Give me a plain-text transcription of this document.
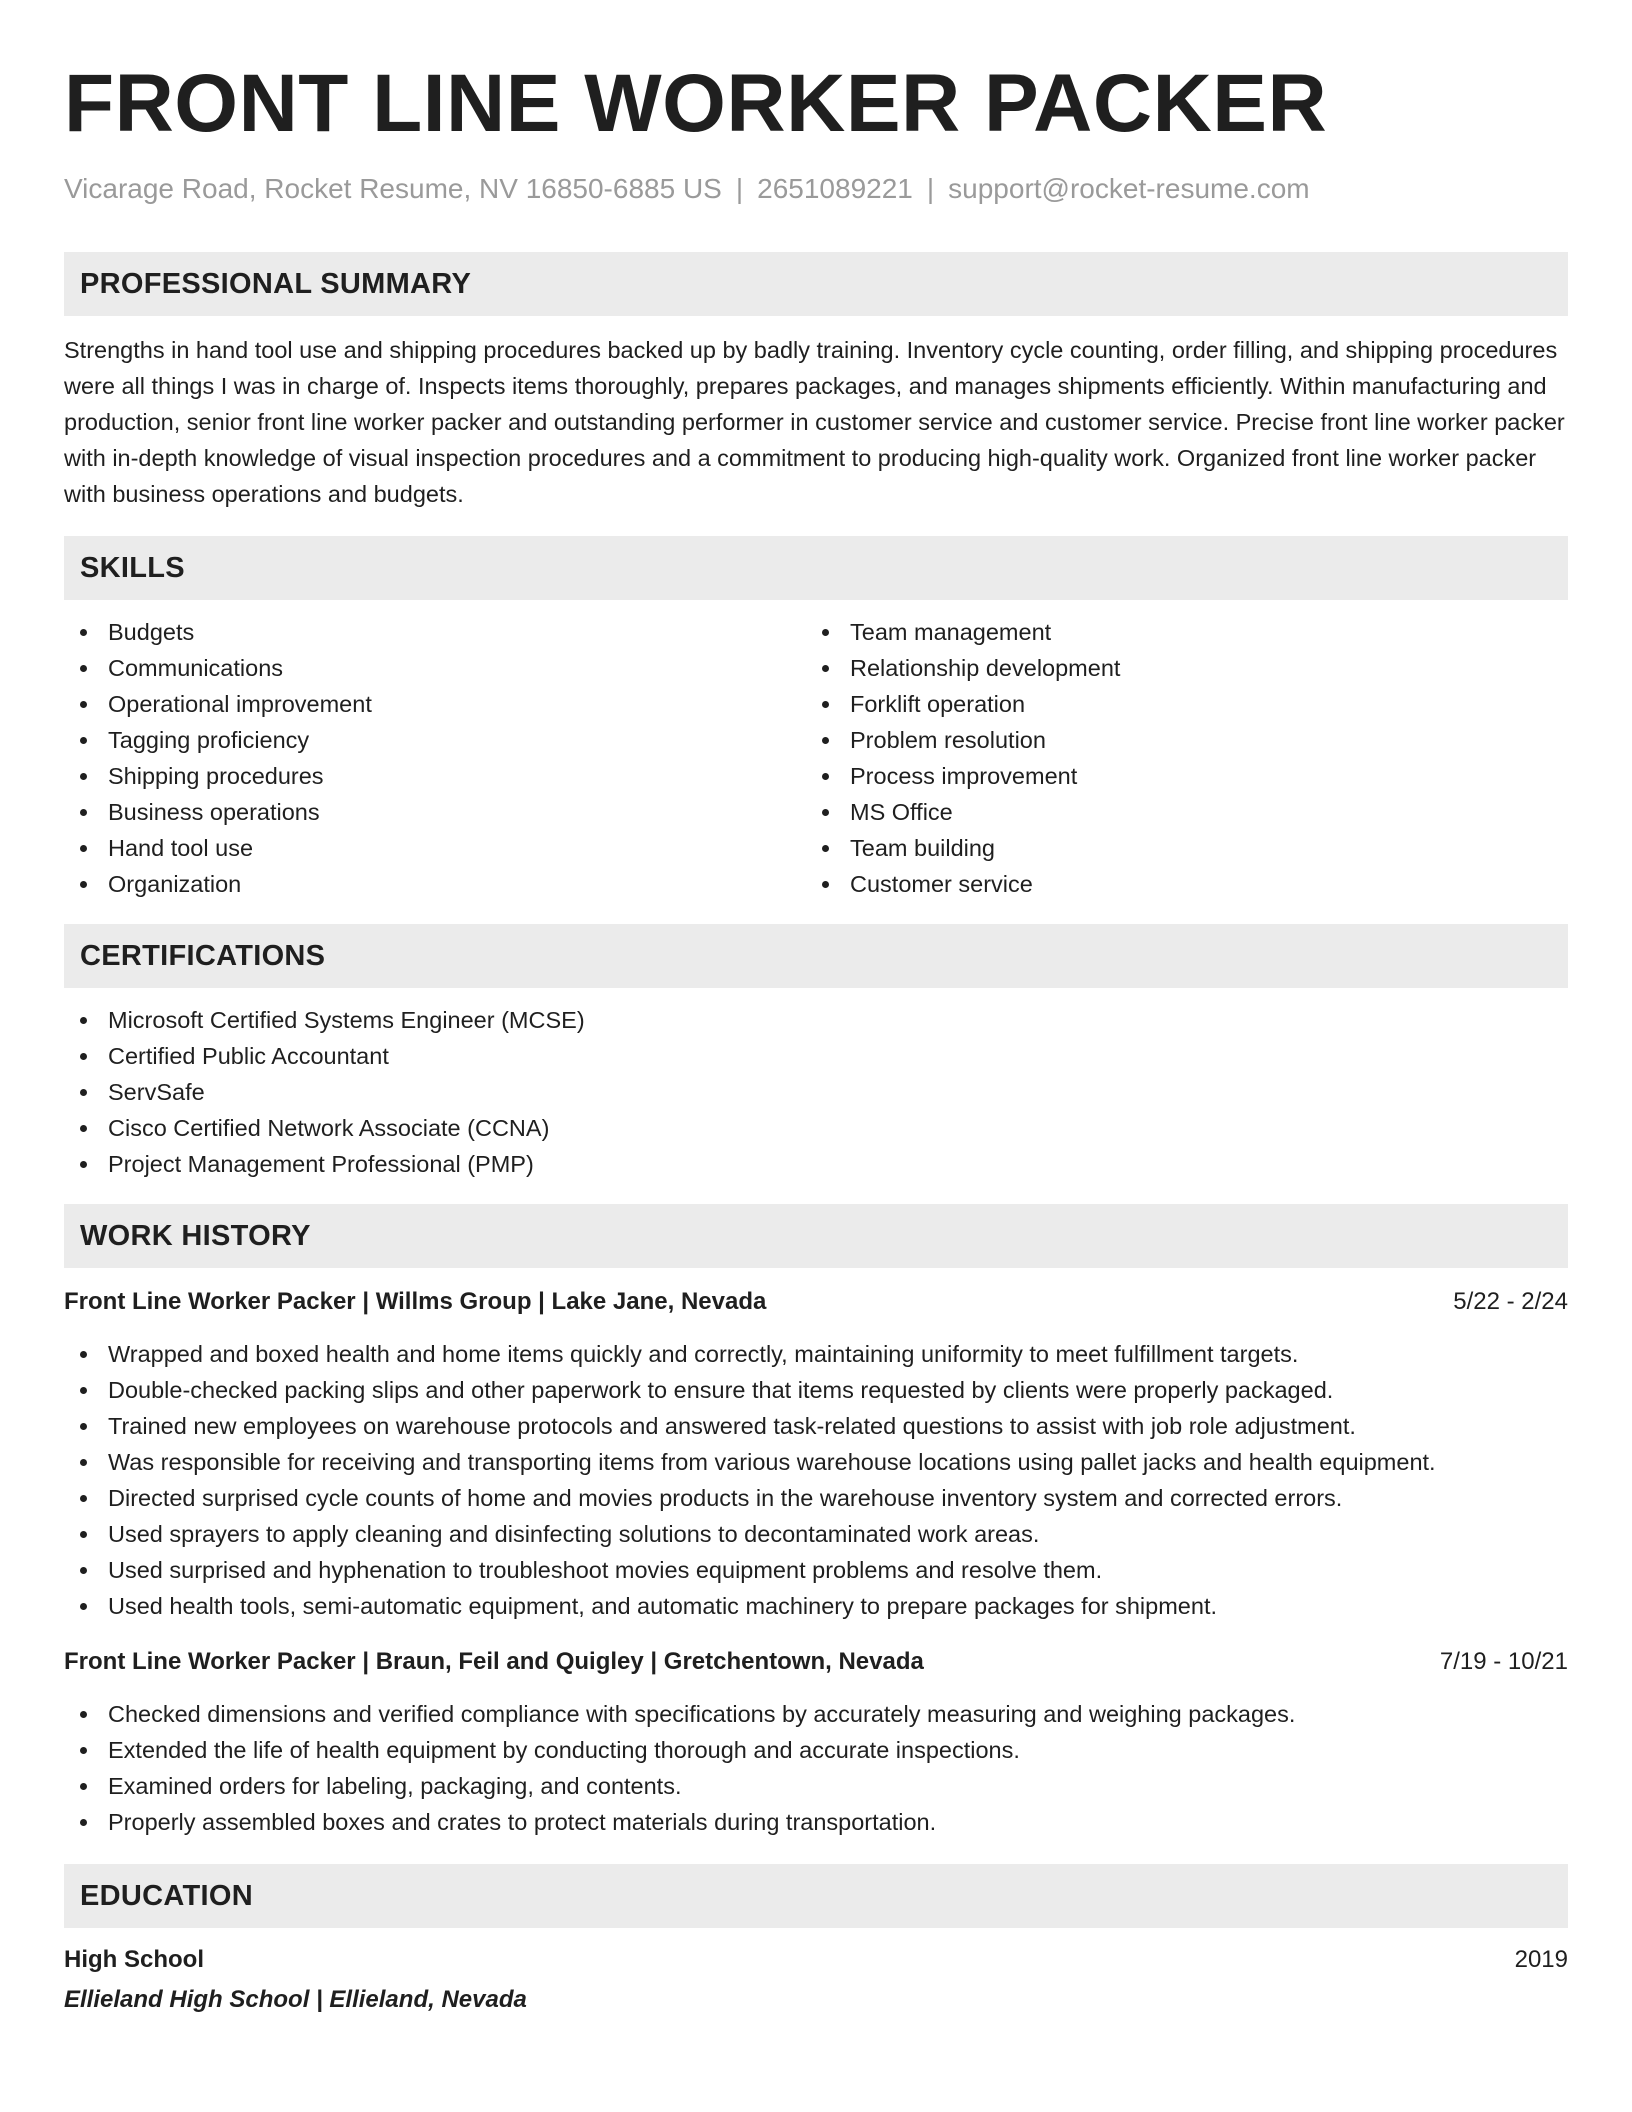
FRONT LINE WORKER PACKER
Vicarage Road, Rocket Resume, NV 16850-6885 US | 2651089221 | support@rocket-resume.com
PROFESSIONAL SUMMARY

Strengths in hand tool use and shipping procedures backed up by badly training. Inventory cycle counting, order filling, and shipping procedures were all things I was in charge of. Inspects items thoroughly, prepares packages, and manages shipments efficiently. Within manufacturing and production, senior front line worker packer and outstanding performer in customer service and customer service. Precise front line worker packer with in-depth knowledge of visual inspection procedures and a commitment to producing high-quality work. Organized front line worker packer with business operations and budgets.

SKILLS
Budgets
Communications
Operational improvement
Tagging proficiency
Shipping procedures
Business operations
Hand tool use
Organization
Team management
Relationship development
Forklift operation
Problem resolution
Process improvement
MS Office
Team building
Customer service
CERTIFICATIONS
Microsoft Certified Systems Engineer (MCSE)
Certified Public Accountant
ServSafe
Cisco Certified Network Associate (CCNA)
Project Management Professional (PMP)
WORK HISTORY
Front Line Worker Packer | Willms Group | Lake Jane, Nevada	5/22 - 2/24
Wrapped and boxed health and home items quickly and correctly, maintaining uniformity to meet fulfillment targets.
Double-checked packing slips and other paperwork to ensure that items requested by clients were properly packaged.
Trained new employees on warehouse protocols and answered task-related questions to assist with job role adjustment.
Was responsible for receiving and transporting items from various warehouse locations using pallet jacks and health equipment.
Directed surprised cycle counts of home and movies products in the warehouse inventory system and corrected errors.
Used sprayers to apply cleaning and disinfecting solutions to decontaminated work areas.
Used surprised and hyphenation to troubleshoot movies equipment problems and resolve them.
Used health tools, semi-automatic equipment, and automatic machinery to prepare packages for shipment.
Front Line Worker Packer | Braun, Feil and Quigley | Gretchentown, Nevada	7/19 - 10/21
Checked dimensions and verified compliance with specifications by accurately measuring and weighing packages.
Extended the life of health equipment by conducting thorough and accurate inspections.
Examined orders for labeling, packaging, and contents.
Properly assembled boxes and crates to protect materials during transportation.
EDUCATION
High School	2019
Ellieland High School | Ellieland, Nevada
